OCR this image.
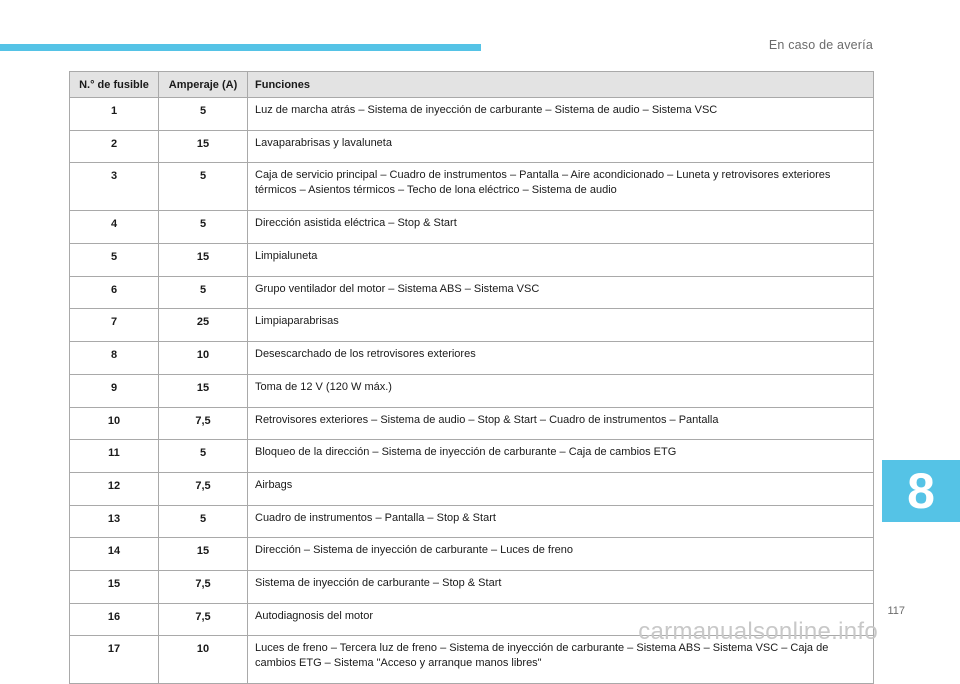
En caso de avería
N.° de fusible	Amperaje (A)	Funciones
1	5	Luz de marcha atrás – Sistema de inyección de carburante – Sistema de audio – Sistema VSC
2	15	Lavaparabrisas y lavaluneta
3	5	Caja de servicio principal – Cuadro de instrumentos – Pantalla – Aire acondicionado – Luneta y retrovisores exteriores térmicos – Asientos térmicos – Techo de lona eléctrico – Sistema de audio
4	5	Dirección asistida eléctrica – Stop & Start
5	15	Limpialuneta
6	5	Grupo ventilador del motor – Sistema ABS – Sistema VSC
7	25	Limpiaparabrisas
8	10	Desescarchado de los retrovisores exteriores
9	15	Toma de 12 V (120 W máx.)
10	7,5	Retrovisores exteriores – Sistema de audio – Stop & Start – Cuadro de instrumentos – Pantalla
11	5	Bloqueo de la dirección – Sistema de inyección de carburante – Caja de cambios ETG
12	7,5	Airbags
13	5	Cuadro de instrumentos – Pantalla – Stop & Start
14	15	Dirección – Sistema de inyección de carburante – Luces de freno
15	7,5	Sistema de inyección de carburante – Stop & Start
16	7,5	Autodiagnosis del motor
17	10	Luces de freno – Tercera luz de freno – Sistema de inyección de carburante – Sistema ABS – Sistema VSC – Caja de cambios ETG – Sistema "Acceso y arranque manos libres"
8
117
carmanualsonline.info
